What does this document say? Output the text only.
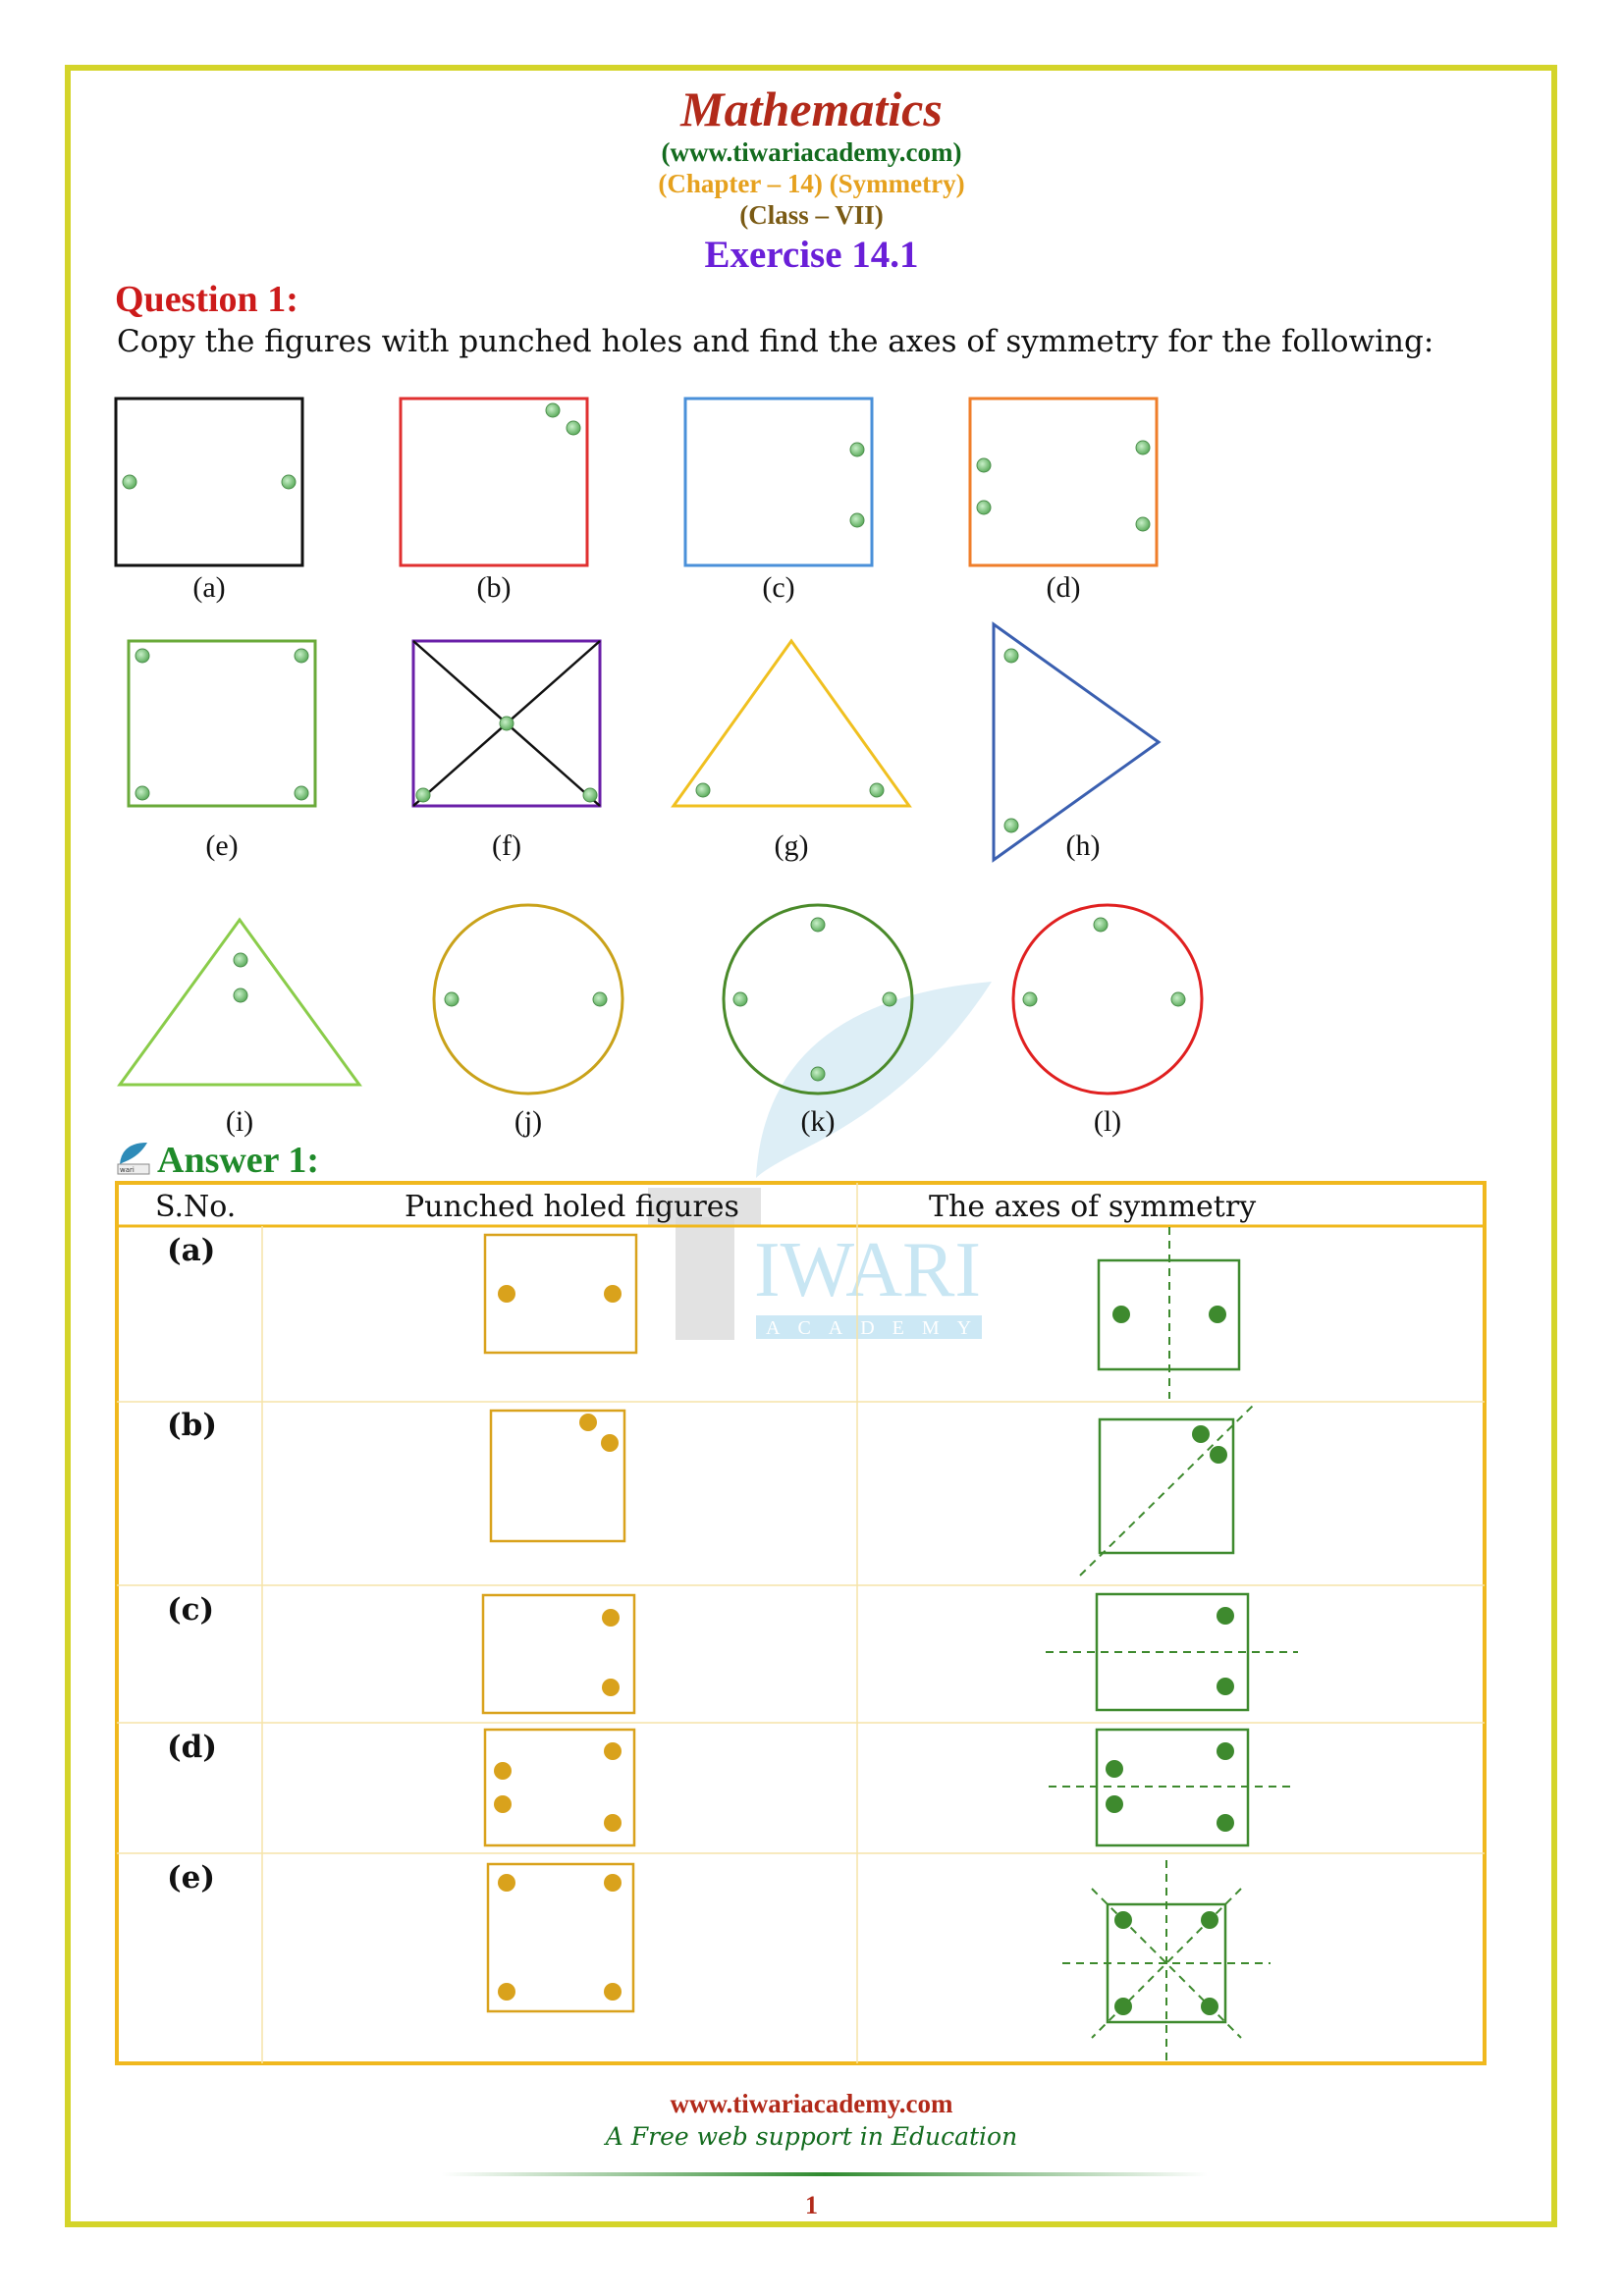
Mathematics
(www.tiwariacademy.com)
(Chapter – 14) (Symmetry)
(Class – VII)
Exercise 14.1
Question 1:
Copy the figures with punched holes and find the axes of symmetry for the following:
IWARI
ACADEMY
(a)	(b)	(c)	(d)
(e)	(f)	(g)	(h)
(i)	(j)	(k)	(l)
wari Answer 1:
S.No.	Punched holed figures	The axes of symmetry
(a)
(b)
(c)
(d)
(e)
www.tiwariacademy.com
A Free web support in Education
1
